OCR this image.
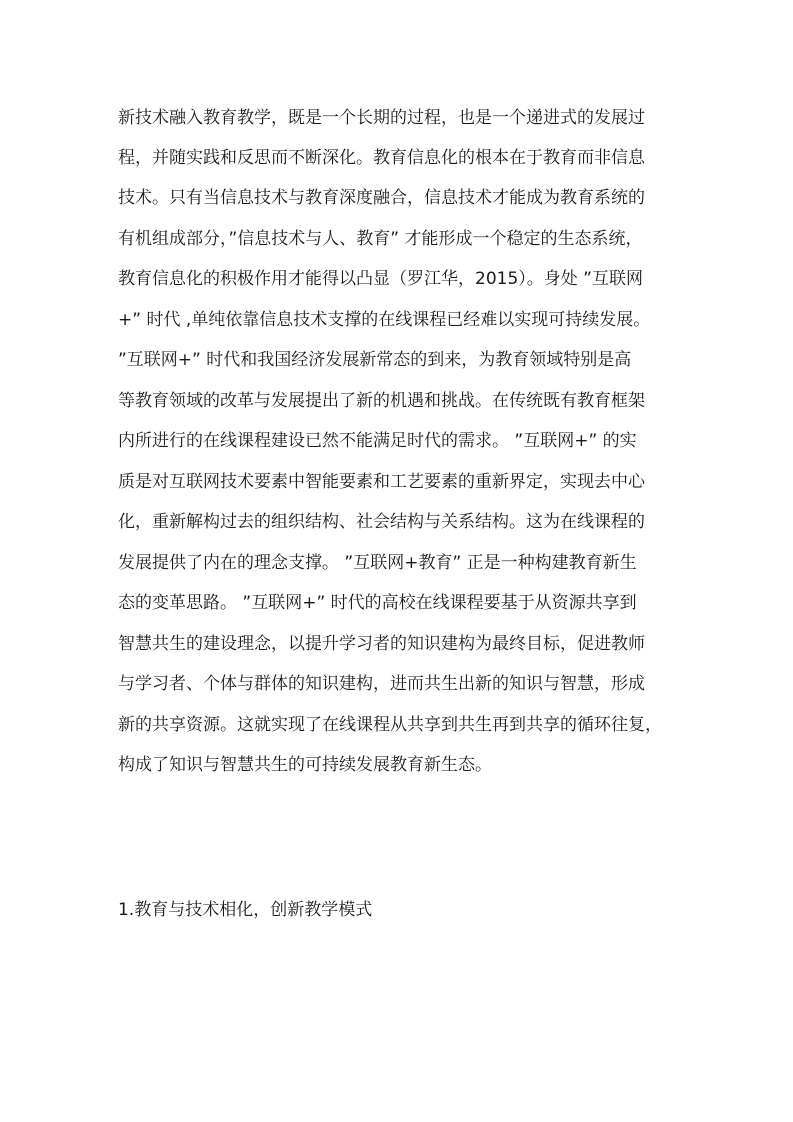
新技术融入教育教学，既是一个长期的过程，也是一个递进式的发展过

程，并随实践和反思而不断深化。教育信息化的根本在于教育而非信息

技术。只有当信息技术与教育深度融合，信息技术才能成为教育系统的

有机组成部分，”信息技术与人、教育” 才能形成一个稳定的生态系统，

教育信息化的积极作用才能得以凸显（罗江华，2015）。身处 ”互联网

+” 时代 ,单纯依靠信息技术支撑的在线课程已经难以实现可持续发展。

”互联网+” 时代和我国经济发展新常态的到来，为教育领域特别是高

等教育领域的改革与发展提出了新的机遇和挑战。在传统既有教育框架

内所进行的在线课程建设已然不能满足时代的需求。 ”互联网+” 的实

质是对互联网技术要素中智能要素和工艺要素的重新界定，实现去中心

化，重新解构过去的组织结构、社会结构与关系结构。这为在线课程的

发展提供了内在的理念支撑。 ”互联网+教育” 正是一种构建教育新生

态的变革思路。 ”互联网+” 时代的高校在线课程要基于从资源共享到

智慧共生的建设理念，以提升学习者的知识建构为最终目标，促进教师

与学习者、个体与群体的知识建构，进而共生出新的知识与智慧，形成

新的共享资源。这就实现了在线课程从共享到共生再到共享的循环往复，

构成了知识与智慧共生的可持续发展教育新生态。

1.教育与技术相化，创新教学模式
